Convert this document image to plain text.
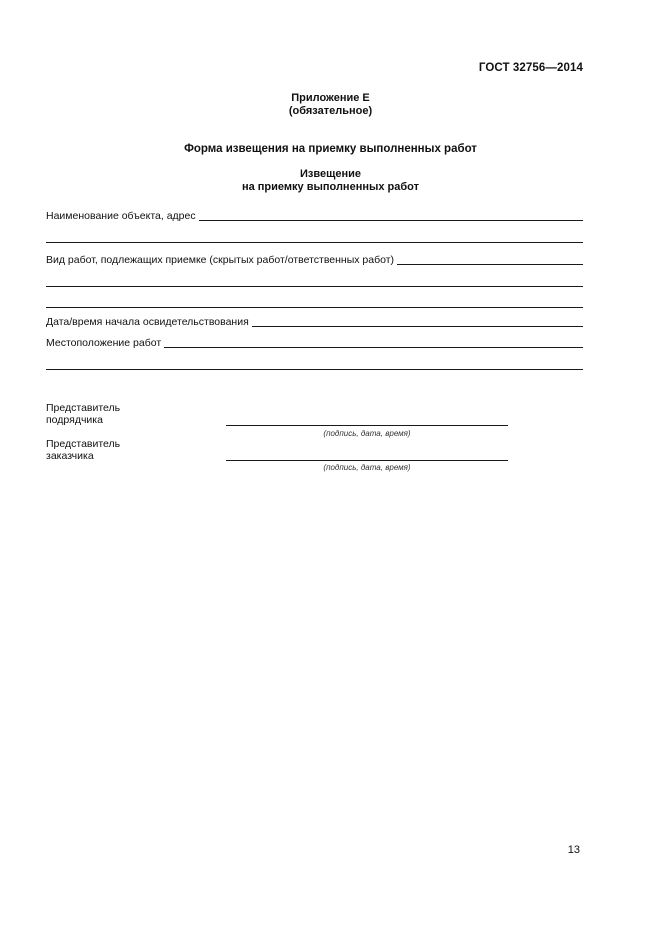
ГОСТ 32756—2014
Приложение Е
(обязательное)
Форма извещения на приемку выполненных работ
Извещение
на приемку выполненных работ
Наименование объекта, адрес
Вид работ, подлежащих приемке (скрытых работ/ответственных работ)
Дата/время начала освидетельствования
Местоположение работ
Представитель
подрядчика
(подпись, дата, время)
Представитель
заказчика
(подпись, дата, время)
13
